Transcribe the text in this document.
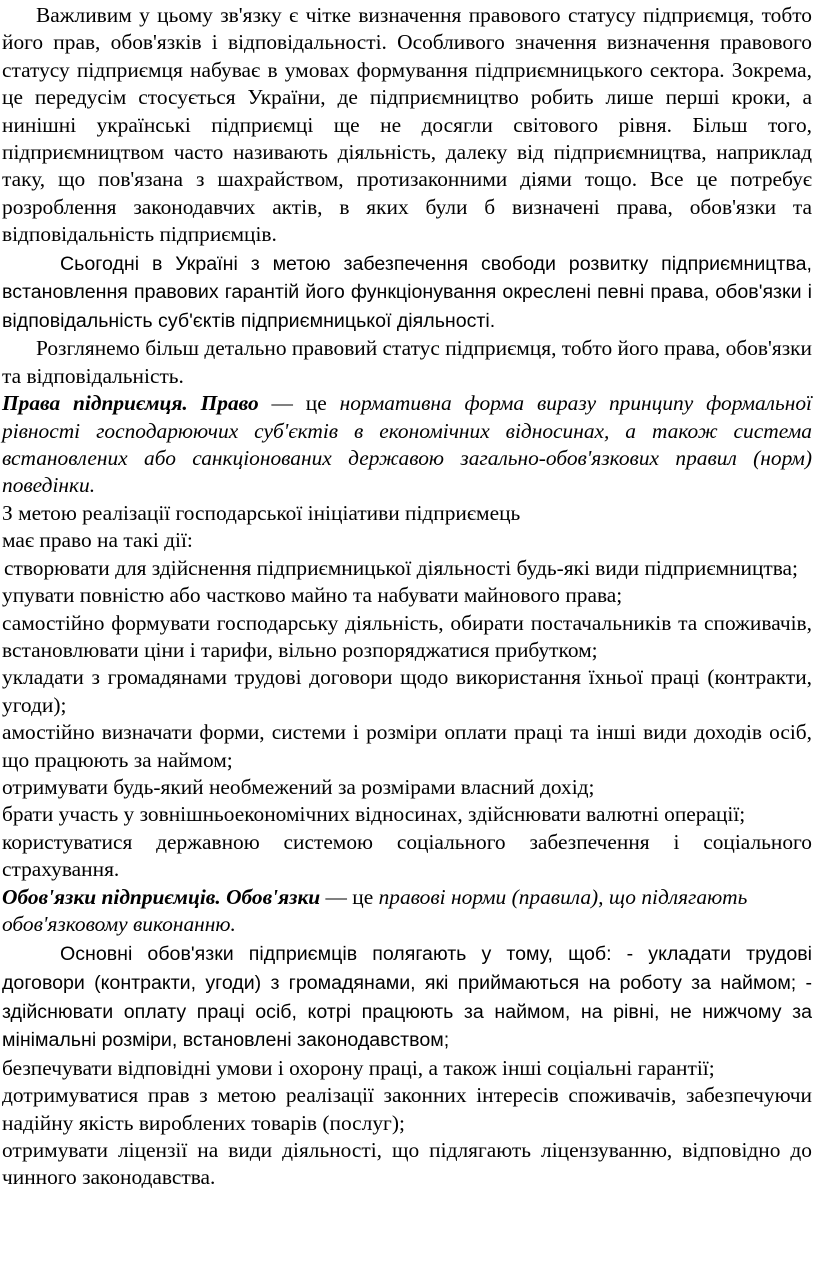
Важливим у цьому зв'язку є чітке визначення правового статусу підприємця, тобто його прав, обов'язків і відповідальності. Особливого значення визначення правового статусу підприємця набуває в умовах формування підприємницького сектора. Зокрема, це передусім стосується України, де підприємництво робить лише перші кроки, а нинішні українські підприємці ще не досягли світового рівня. Більш того, підприємництвом часто називають діяльність, далеку від підприємництва, наприклад таку, що пов'язана з шахрайством, протизаконними діями тощо. Все це потребує розроблення законодавчих актів, в яких були б визначені права, обов'язки та відповідальність підприємців.

Сьогодні в Україні з метою забезпечення свободи розвитку підприємництва, встановлення правових гарантій його функціонування окреслені певні права, обов'язки і відповідальність суб'єктів підприємницької діяльності.

Розглянемо більш детально правовий статус підприємця, тобто його права, обов'язки та відповідальність.

Права підприємця. Право — це нормативна форма виразу принципу формальної рівності господарюючих суб'єктів в економічних відносинах, а також система встановлених або санкціонованих державою загально-обов'язкових правил (норм) поведінки.

З метою реалізації господарської ініціативи підприємець

має право на такі дії:

створювати для здійснення підприємницької діяльності будь-які види підприємництва;

упувати повністю або частково майно та набувати майнового права;

самостійно формувати господарську діяльність, обирати постачальників та споживачів, встановлювати ціни і тарифи, вільно розпоряджатися прибутком;

укладати з громадянами трудові договори щодо використання їхньої праці (контракти, угоди);

амостійно визначати форми, системи і розміри оплати праці та інші види доходів осіб, що працюють за наймом;

отримувати будь-який необмежений за розмірами власний дохід;

брати участь у зовнішньоекономічних відносинах, здійснювати валютні операції;

користуватися державною системою соціального забезпечення і соціального страхування.

Обов'язки підприємців. Обов'язки — це правові норми (правила), що підлягають обов'язковому виконанню.

Основні обов'язки підприємців полягають у тому, щоб: - укладати трудові договори (контракти, угоди) з громадянами, які приймаються на роботу за наймом; - здійснювати оплату праці осіб, котрі працюють за наймом, на рівні, не нижчому за мінімальні розміри, встановлені законодавством;

безпечувати відповідні умови і охорону праці, а також інші соціальні гарантії;

дотримуватися прав з метою реалізації законних інтересів споживачів, забезпечуючи надійну якість вироблених товарів (послуг);

отримувати ліцензії на види діяльності, що підлягають ліцензуванню, відповідно до чинного законодавства.
